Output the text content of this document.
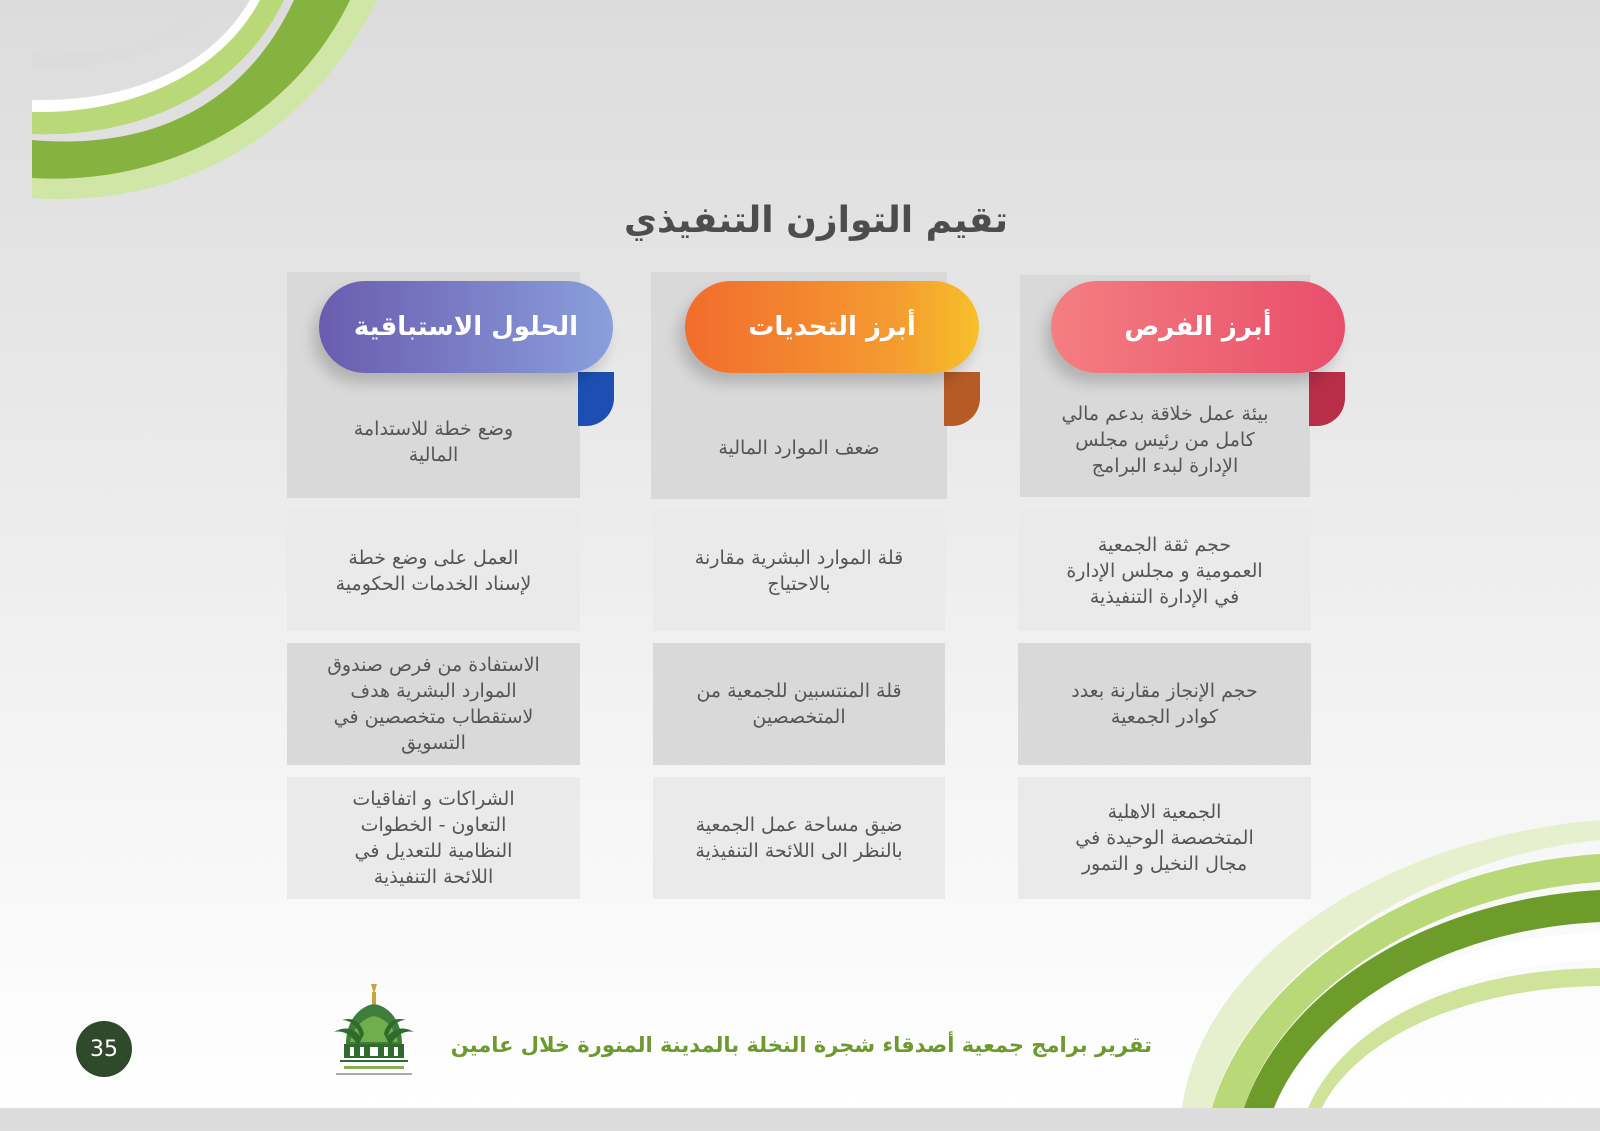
تقيم التوازن التنفيذي
بيئة عمل خلاقة بدعم مالي
كامل من رئيس مجلس
الإدارة لبدء البرامج
حجم ثقة الجمعية
العمومية و مجلس الإدارة
في الإدارة التنفيذية
حجم الإنجاز مقارنة بعدد
كوادر الجمعية
الجمعية الاهلية
المتخصصة الوحيدة في
مجال النخيل و التمور
أبرز الفرص
ضعف الموارد المالية
قلة الموارد البشرية مقارنة
بالاحتياج
قلة المنتسبين للجمعية من
المتخصصين
ضيق مساحة عمل الجمعية
بالنظر الى اللائحة التنفيذية
أبرز التحديات
وضع خطة للاستدامة
المالية
العمل على وضع خطة
لإسناد الخدمات الحكومية
الاستفادة من فرص صندوق
الموارد البشرية هدف
لاستقطاب متخصصين في
التسويق
الشراكات و اتفاقيات
التعاون - الخطوات
النظامية للتعديل في
اللائحة التنفيذية
الحلول الاستباقية
تقرير برامج جمعية أصدقاء شجرة النخلة بالمدينة المنورة خلال عامين
35
